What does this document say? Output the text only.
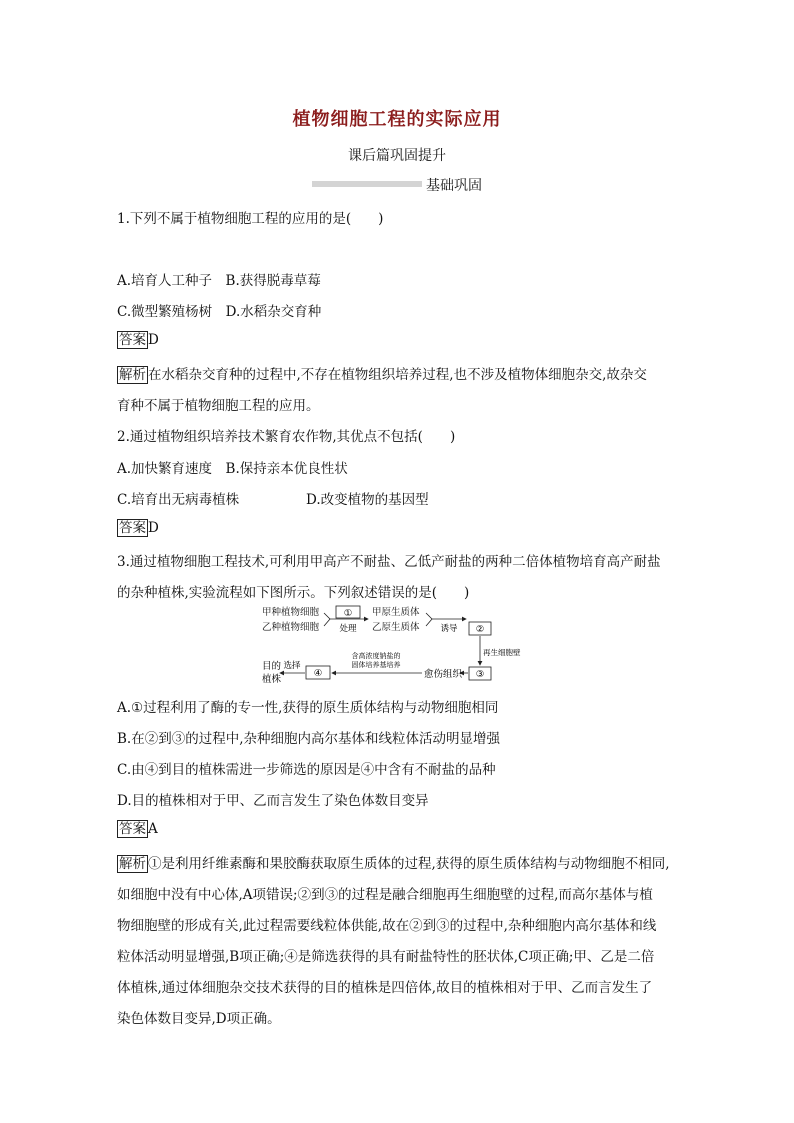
植物细胞工程的实际应用
课后篇巩固提升
基础巩固
1.下列不属于植物细胞工程的应用的是(　　)
A.培育人工种子　B.获得脱毒草莓
C.微型繁殖杨树　D.水稻杂交育种
答案 D
解析 在水稻杂交育种的过程中,不存在植物组织培养过程,也不涉及植物体细胞杂交,故杂交
育种不属于植物细胞工程的应用。
2.通过植物组织培养技术繁育农作物,其优点不包括(　　)
A.加快繁育速度　B.保持亲本优良性状
C.培育出无病毒植株	D.改变植物的基因型
答案 D
3.通过植物细胞工程技术,可利用甲高产不耐盐、乙低产耐盐的两种二倍体植物培育高产耐盐
的杂种植株,实验流程如下图所示。下列叙述错误的是(　　)
甲种植物细胞
乙种植物细胞
①
处理
甲原生质体
乙原生质体 诱导 ②
再生细胞壁
③
愈伤组织
含高浓度钠盐的
固体培养基培养
④
选择
目的
植株
A.①过程利用了酶的专一性,获得的原生质体结构与动物细胞相同
B.在②到③的过程中,杂种细胞内高尔基体和线粒体活动明显增强
C.由④到目的植株需进一步筛选的原因是④中含有不耐盐的品种
D.目的植株相对于甲、乙而言发生了染色体数目变异
答案 A
解析 ①是利用纤维素酶和果胶酶获取原生质体的过程,获得的原生质体结构与动物细胞不相同,
如细胞中没有中心体,A项错误;②到③的过程是融合细胞再生细胞壁的过程,而高尔基体与植
物细胞壁的形成有关,此过程需要线粒体供能,故在②到③的过程中,杂种细胞内高尔基体和线
粒体活动明显增强,B项正确;④是筛选获得的具有耐盐特性的胚状体,C项正确;甲、乙是二倍
体植株,通过体细胞杂交技术获得的目的植株是四倍体,故目的植株相对于甲、乙而言发生了
染色体数目变异,D项正确。
